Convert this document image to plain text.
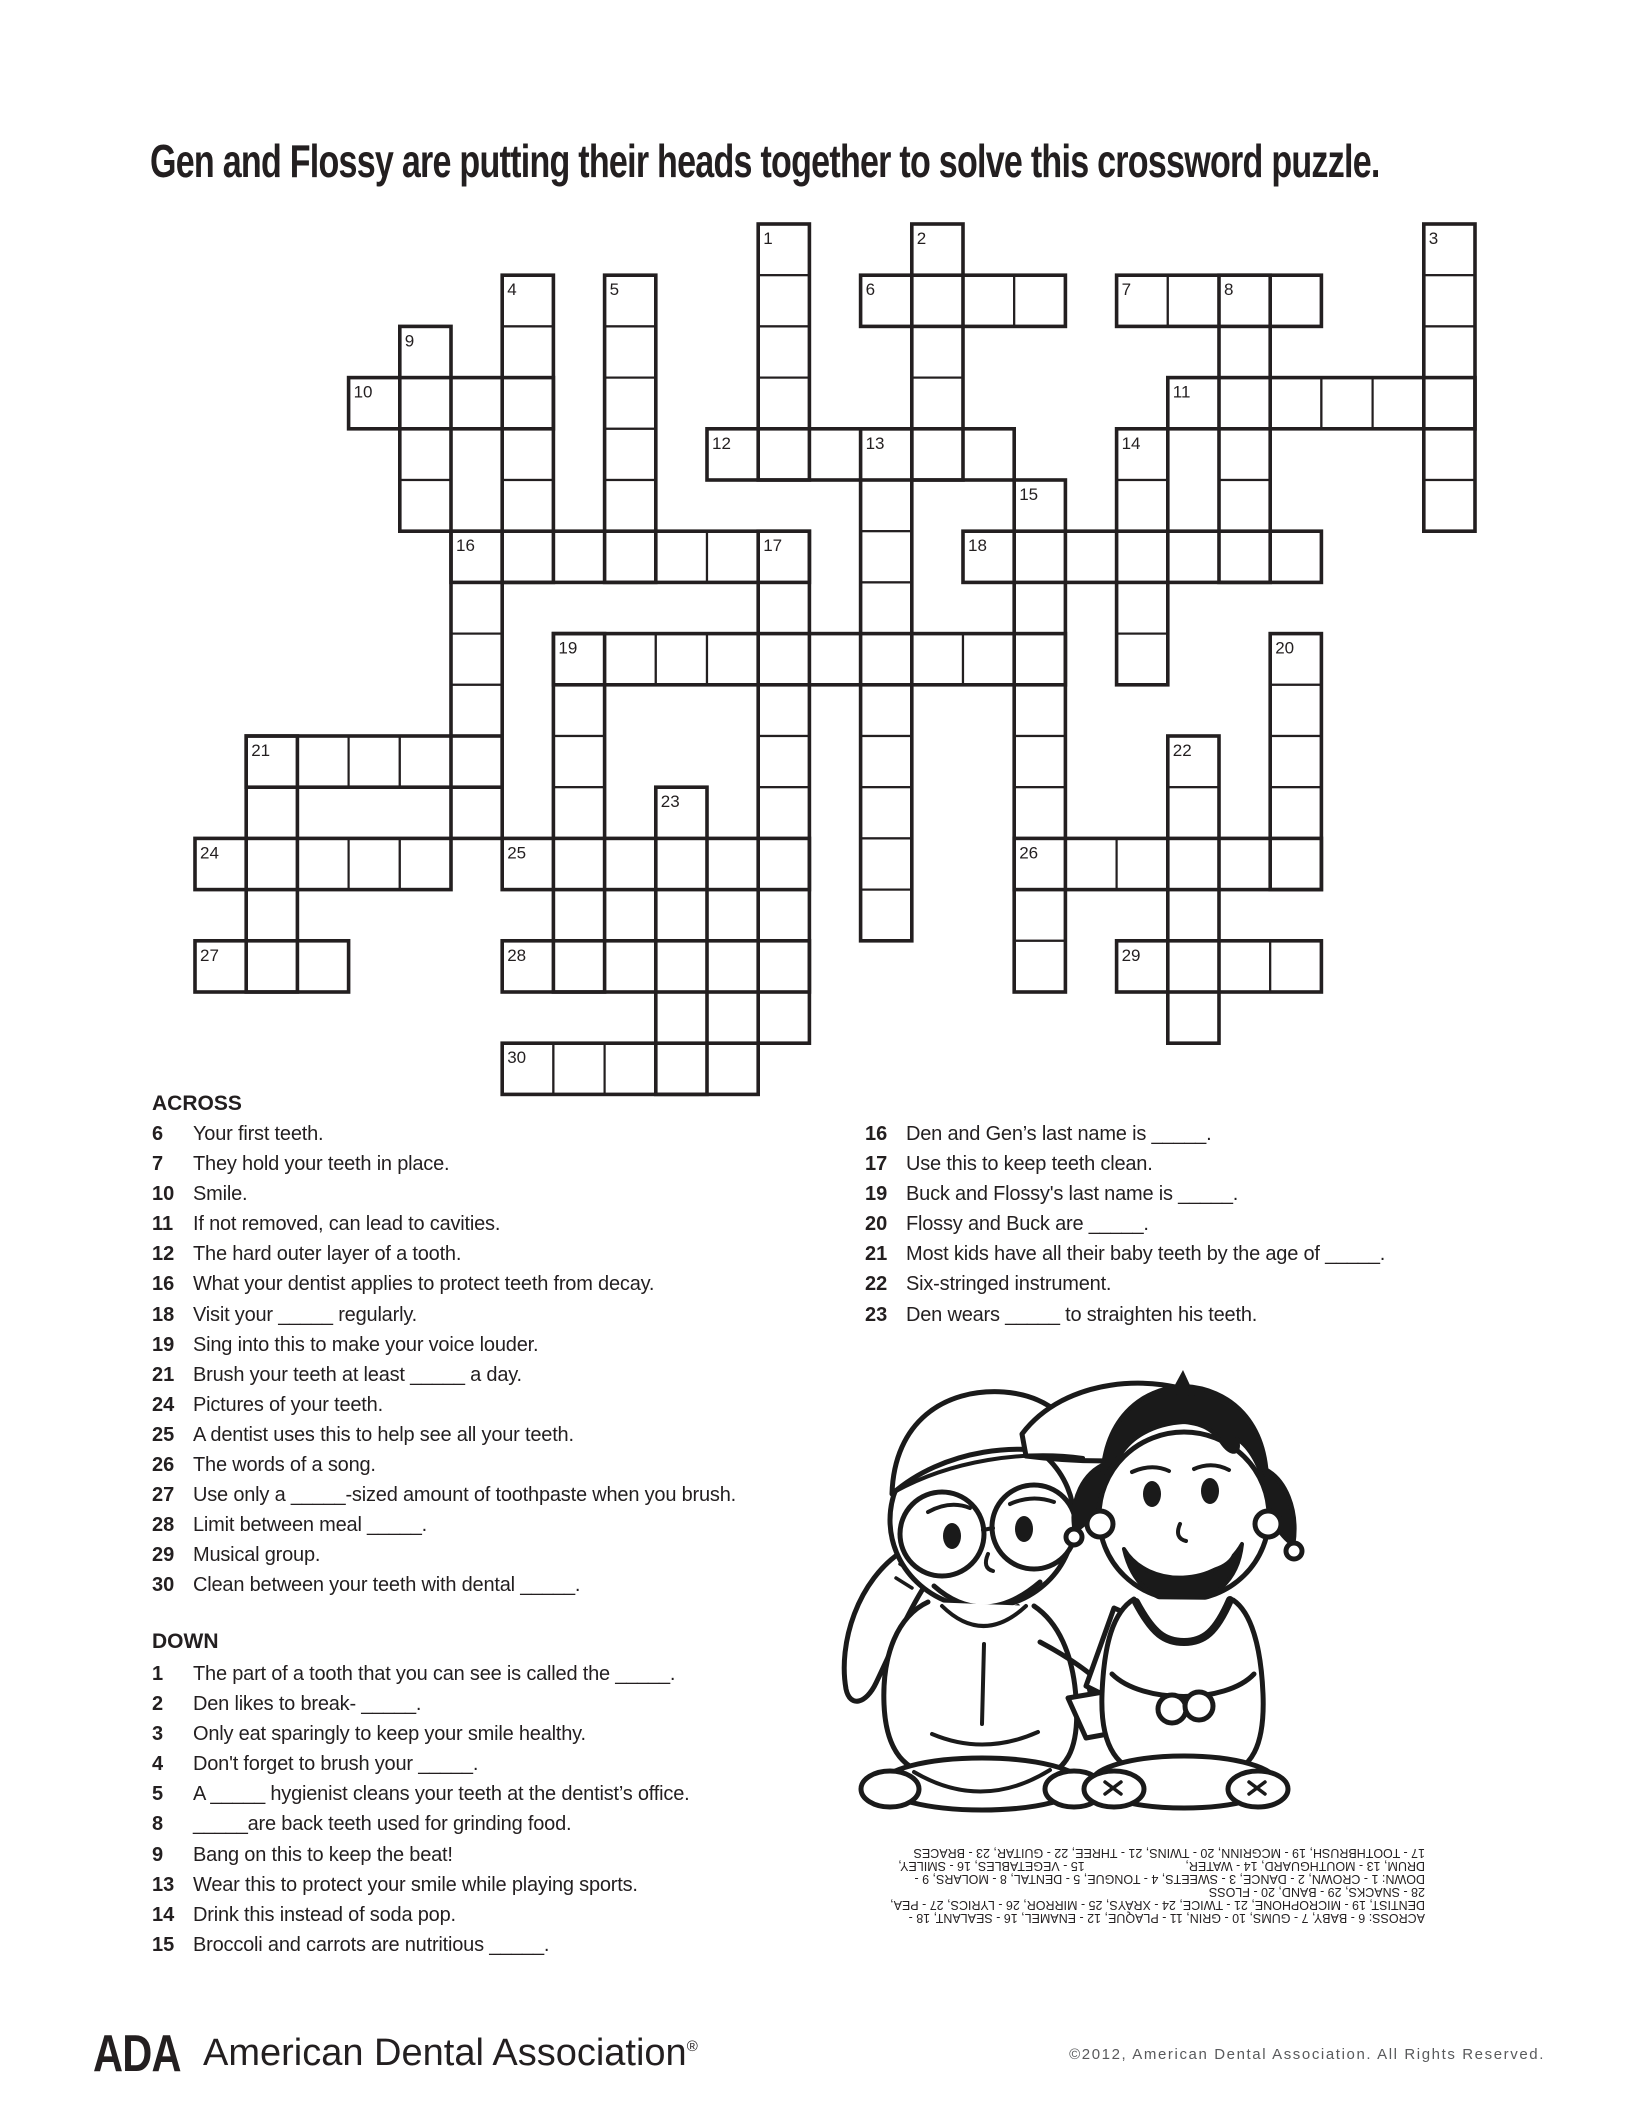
Gen and Flossy are putting their heads together to solve this crossword puzzle.
1	2	3
4	5	6	7	8
9
10	11
12	13	14
15
16	17	18
19	20
21	22
23
24	25	26
27	28	29
30
ACROSS
6	Your first teeth.
7	They hold your teeth in place.
10 Smile.
11 If not removed, can lead to cavities.
12 The hard outer layer of a tooth.
16 What your dentist applies to protect teeth from decay.
18 Visit your _____ regularly.
19 Sing into this to make your voice louder.
21 Brush your teeth at least _____ a day.
24 Pictures of your teeth.
25 A dentist uses this to help see all your teeth.
26 The words of a song.
27 Use only a _____-sized amount of toothpaste when you brush.
28 Limit between meal _____.
29 Musical group.
30 Clean between your teeth with dental _____.
DOWN
1	The part of a tooth that you can see is called the _____.
2	Den likes to break- _____.
3	Only eat sparingly to keep your smile healthy.
4	Don't forget to brush your _____.
5	A _____ hygienist cleans your teeth at the dentist’s office.
8	_____are back teeth used for grinding food.
9	Bang on this to keep the beat!
13 Wear this to protect your smile while playing sports.
14 Drink this instead of soda pop.
15 Broccoli and carrots are nutritious _____.
16 Den and Gen’s last name is _____.
17 Use this to keep teeth clean.
19 Buck and Flossy's last name is _____.
20 Flossy and Buck are _____.
21 Most kids have all their baby teeth by the age of _____.
22 Six-stringed instrument.
23 Den wears _____ to straighten his teeth.
ACROSS: 6 - BABY, 7 - GUMS, 10 - GRIN, 11 - PLAQUE, 12 - ENAMEL, 16 - SEALANT, 18 -
DENTIST, 19 - MICROPHONE, 21 - TWICE, 24 - XRAYS, 25 - MIRROR, 26 - LYRICS, 27 - PEA,
28 - SNACKS, 29 - BAND, 20 - FLOSS
DOWN: 1 - CROWN, 2 - DANCE, 3 - SWEETS, 4 - TONGUE, 5 - DENTAL, 8 - MOLARS, 9 -
DRUM, 13 - MOUTHGUARD, 14 - WATER,                             15 - VEGETABLES, 16 - SMILEY,
17 - TOOTHBRUSH, 19 - MCGRINN, 20 - TWINS, 21 - THREE, 22 - GUITAR, 23 - BRACES
ADA American Dental Association®	©2012, American Dental Association. All Rights Reserved.
